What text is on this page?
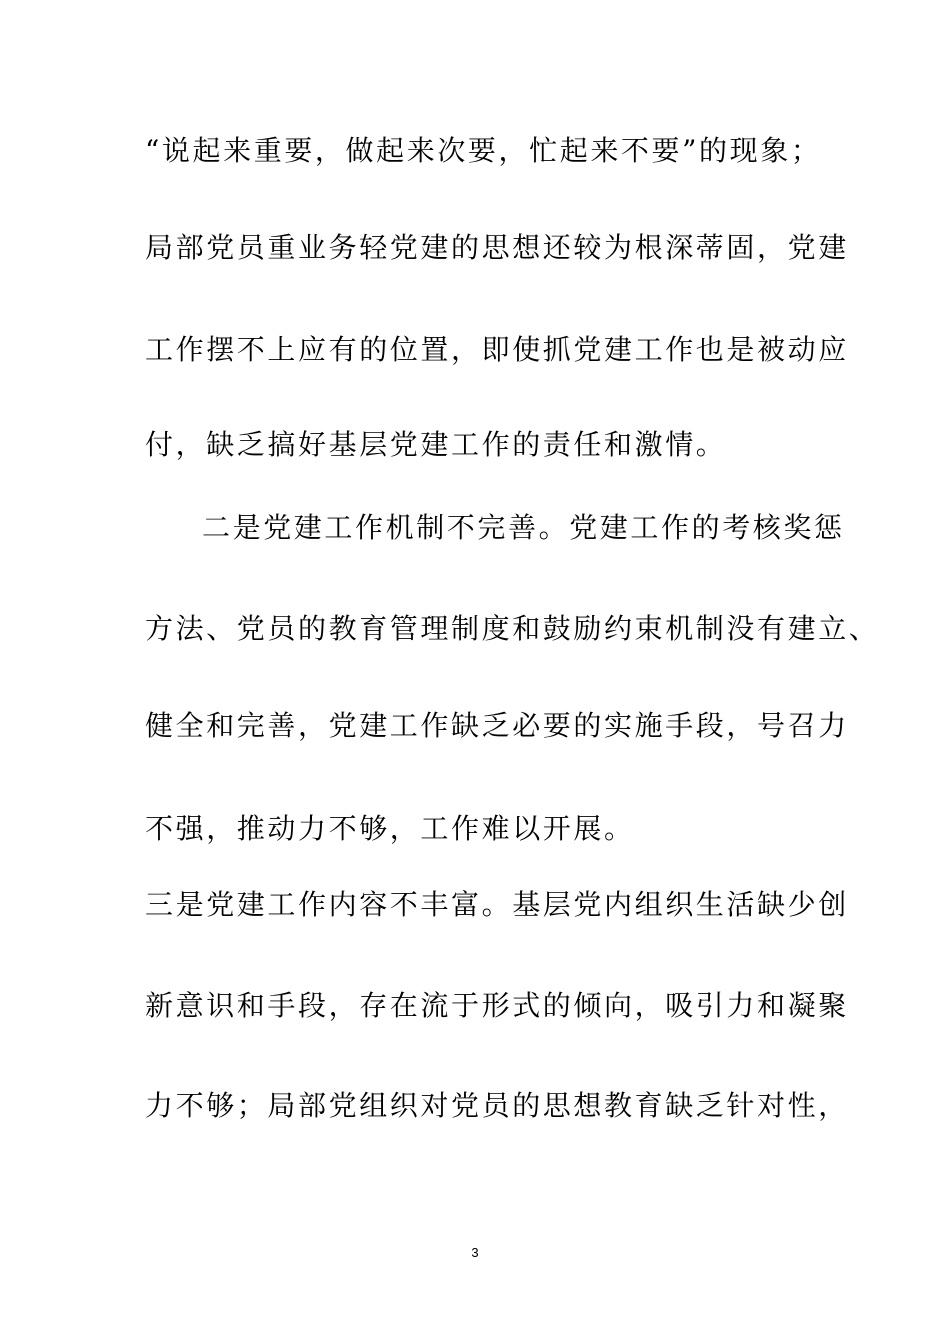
“说起来重要，做起来次要，忙起来不要”的现象；
局部党员重业务轻党建的思想还较为根深蒂固，党建
工作摆不上应有的位置，即使抓党建工作也是被动应
付，缺乏搞好基层党建工作的责任和激情。
二是党建工作机制不完善。党建工作的考核奖惩
方法、党员的教育管理制度和鼓励约束机制没有建立、
健全和完善，党建工作缺乏必要的实施手段，号召力
不强，推动力不够，工作难以开展。
三是党建工作内容不丰富。基层党内组织生活缺少创
新意识和手段，存在流于形式的倾向，吸引力和凝聚
力不够；局部党组织对党员的思想教育缺乏针对性，
3
